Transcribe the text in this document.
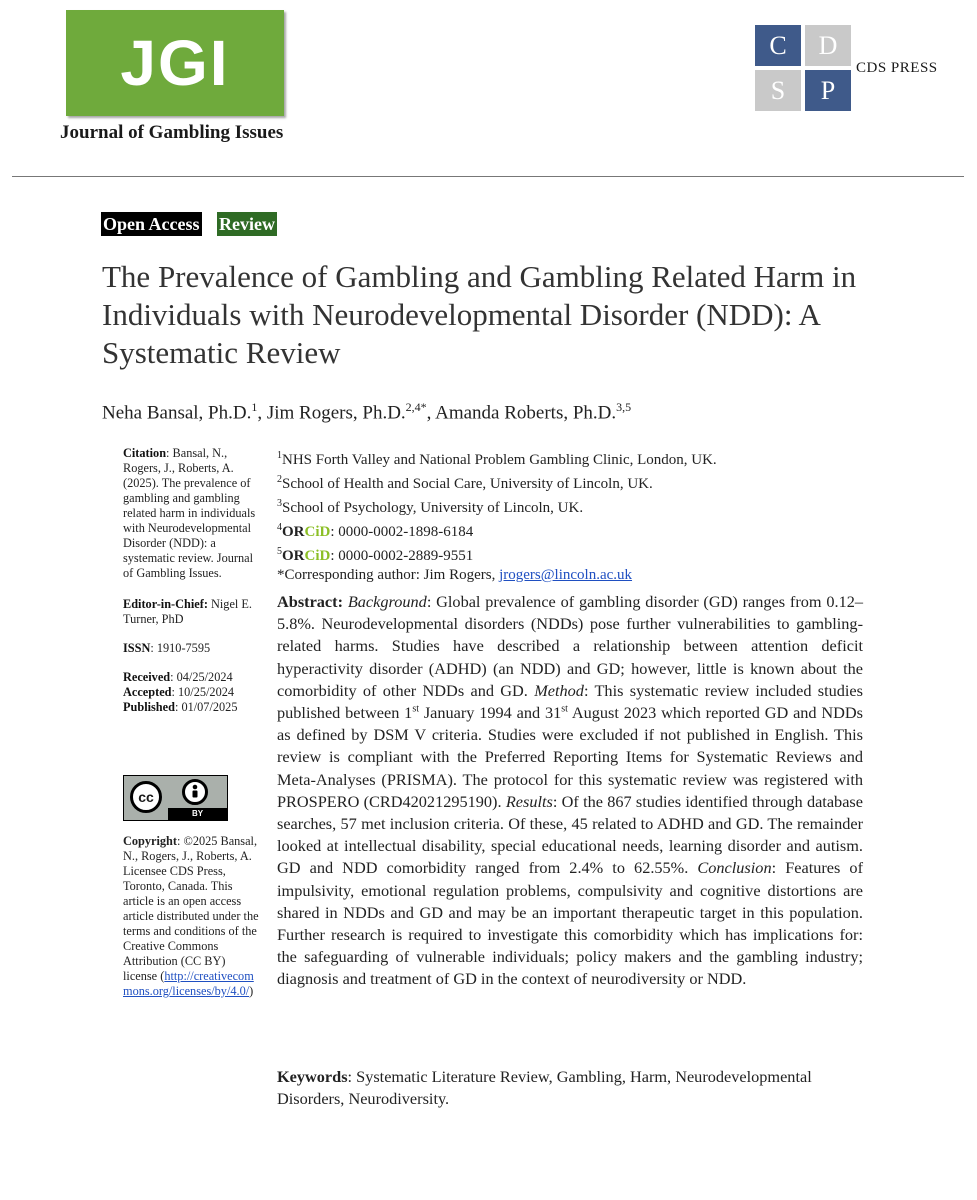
JGI
Journal of Gambling Issues
C	D
S	P
CDS PRESS
Open Access Review
The Prevalence of Gambling and Gambling Related Harm in Individuals with Neurodevelopmental Disorder (NDD): A Systematic Review
Neha Bansal, Ph.D.$^1$, Jim Rogers, Ph.D.$^{2,4*}$, Amanda Roberts, Ph.D.$^{3,5}$

Citation: Bansal, N., Rogers, J., Roberts, A. (2025). The prevalence of gambling and gambling related harm in individuals with Neurodevelopmental Disorder (NDD): a systematic review. Journal of Gambling Issues.

Editor-in-Chief: Nigel E. Turner, PhD

ISSN: 1910-7595

Received: 04/25/2024
Accepted: 10/25/2024
Published: 01/07/2025

cc
BY
Copyright: ©2025 Bansal, N., Rogers, J., Roberts, A. Licensee CDS Press, Toronto, Canada. This article is an open access article distributed under the terms and conditions of the Creative Commons Attribution (CC BY) license (http://creativecommons.org/licenses/by/4.0/)
$^1$NHS Forth Valley and National Problem Gambling Clinic, London, UK.
$^2$School of Health and Social Care, University of Lincoln, UK.
$^3$School of Psychology, University of Lincoln, UK.
$^4$ORCiD: 0000-0002-1898-6184
$^5$ORCiD: 0000-0002-2889-9551
*Corresponding author: Jim Rogers, jrogers@lincoln.ac.uk
Abstract: Background: Global prevalence of gambling disorder (GD) ranges from 0.12–5.8%. Neurodevelopmental disorders (NDDs) pose further vulnerabilities to gambling-related harms. Studies have described a relationship between attention deficit hyperactivity disorder (ADHD) (an NDD) and GD; however, little is known about the comorbidity of other NDDs and GD. Method: This systematic review included studies published between 1st January 1994 and 31st August 2023 which reported GD and NDDs as defined by DSM V criteria. Studies were excluded if not published in English. This review is compliant with the Preferred Reporting Items for Systematic Reviews and Meta-Analyses (PRISMA). The protocol for this systematic review was registered with PROSPERO (CRD42021295190). Results: Of the 867 studies identified through database searches, 57 met inclusion criteria. Of these, 45 related to ADHD and GD. The remainder looked at intellectual disability, special educational needs, learning disorder and autism. GD and NDD comorbidity ranged from 2.4% to 62.55%. Conclusion: Features of impulsivity, emotional regulation problems, compulsivity and cognitive distortions are shared in NDDs and GD and may be an important therapeutic target in this population. Further research is required to investigate this comorbidity which has implications for: the safeguarding of vulnerable individuals; policy makers and the gambling industry; diagnosis and treatment of GD in the context of neurodiversity or NDD.
Keywords: Systematic Literature Review, Gambling, Harm, Neurodevelopmental Disorders, Neurodiversity.
